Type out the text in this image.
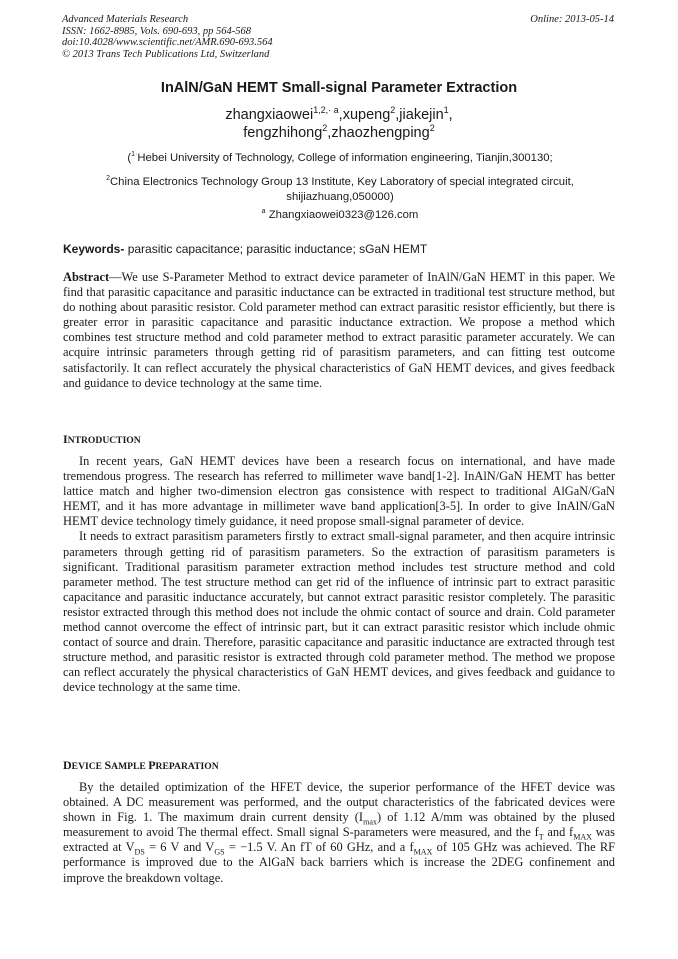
Advanced Materials Research
ISSN: 1662-8985, Vols. 690-693, pp 564-568
doi:10.4028/www.scientific.net/AMR.690-693.564
© 2013 Trans Tech Publications Ltd, Switzerland
Online: 2013-05-14
InAlN/GaN HEMT Small-signal Parameter Extraction
zhangxiaowei$^{1,2,\cdot a}$,xupeng$^2$,jiakejin$^1$,
fengzhihong$^2$,zhaozhengping$^2$
($^{1\cdot}$Hebei University of Technology, College of information engineering, Tianjin,300130;
$^2$China Electronics Technology Group 13 Institute, Key Laboratory of special integrated circuit,
shijiazhuang,050000)
$^a$ Zhangxiaowei0323@126.com
Keywords- parasitic capacitance; parasitic inductance; sGaN HEMT

Abstract—We use S-Parameter Method to extract device parameter of InAlN/GaN HEMT in this paper. We find that parasitic capacitance and parasitic inductance can be extracted in traditional test structure method, but do nothing about parasitic resistor. Cold parameter method can extract parasitic resistor efficiently, but there is greater error in parasitic capacitance and parasitic inductance extraction. We propose a method which combines test structure method and cold parameter method to extract parasitic parameter accurately. We can acquire intrinsic parameters through getting rid of parasitism parameters, and can fitting test outcome satisfactorily. It can reflect accurately the physical characteristics of GaN HEMT devices, and gives feedback and guidance to device technology at the same time.

INTRODUCTION

In recent years, GaN HEMT devices have been a research focus on international, and have made tremendous progress. The research has referred to millimeter wave band[1-2]. InAlN/GaN HEMT has better lattice match and higher two-dimension electron gas consistence with respect to traditional AlGaN/GaN HEMT, and it has more advantage in millimeter wave band application[3-5]. In order to give InAlN/GaN HEMT device technology timely guidance, it need propose small-signal parameter of device.

It needs to extract parasitism parameters firstly to extract small-signal parameter, and then acquire intrinsic parameters through getting rid of parasitism parameters. So the extraction of parasitism parameters is significant. Traditional parasitism parameter extraction method includes test structure method and cold parameter method. The test structure method can get rid of the influence of intrinsic part to extract parasitic capacitance and parasitic inductance accurately, but cannot extract parasitic resistor completely. The parasitic resistor extracted through this method does not include the ohmic contact of source and drain. Cold parameter method cannot overcome the effect of intrinsic part, but it can extract parasitic resistor which include ohmic contact of source and drain. Therefore, parasitic capacitance and parasitic inductance are extracted through test structure method, and parasitic resistor is extracted through cold parameter method. The method we propose can reflect accurately the physical characteristics of GaN HEMT devices, and gives feedback and guidance to device technology at the same time.

DEVICE SAMPLE PREPARATION

By the detailed optimization of the HFET device, the superior performance of the HFET device was obtained. A DC measurement was performed, and the output characteristics of the fabricated devices were shown in Fig. 1. The maximum drain current density $(I_{max})$ of 1.12 A/mm was obtained by the plused measurement to avoid The thermal effect. Small signal S-parameters were measured, and the $f_T$ and $f_{MAX}$ was extracted at $V_{DS} = 6$ V and $V_{GS} = -1.5$ V. An fT of 60 GHz, and a $f_{MAX}$ of 105 GHz was achieved. The RF performance is improved due to the AlGaN back barriers which is increase the 2DEG confinement and improve the breakdown voltage.
